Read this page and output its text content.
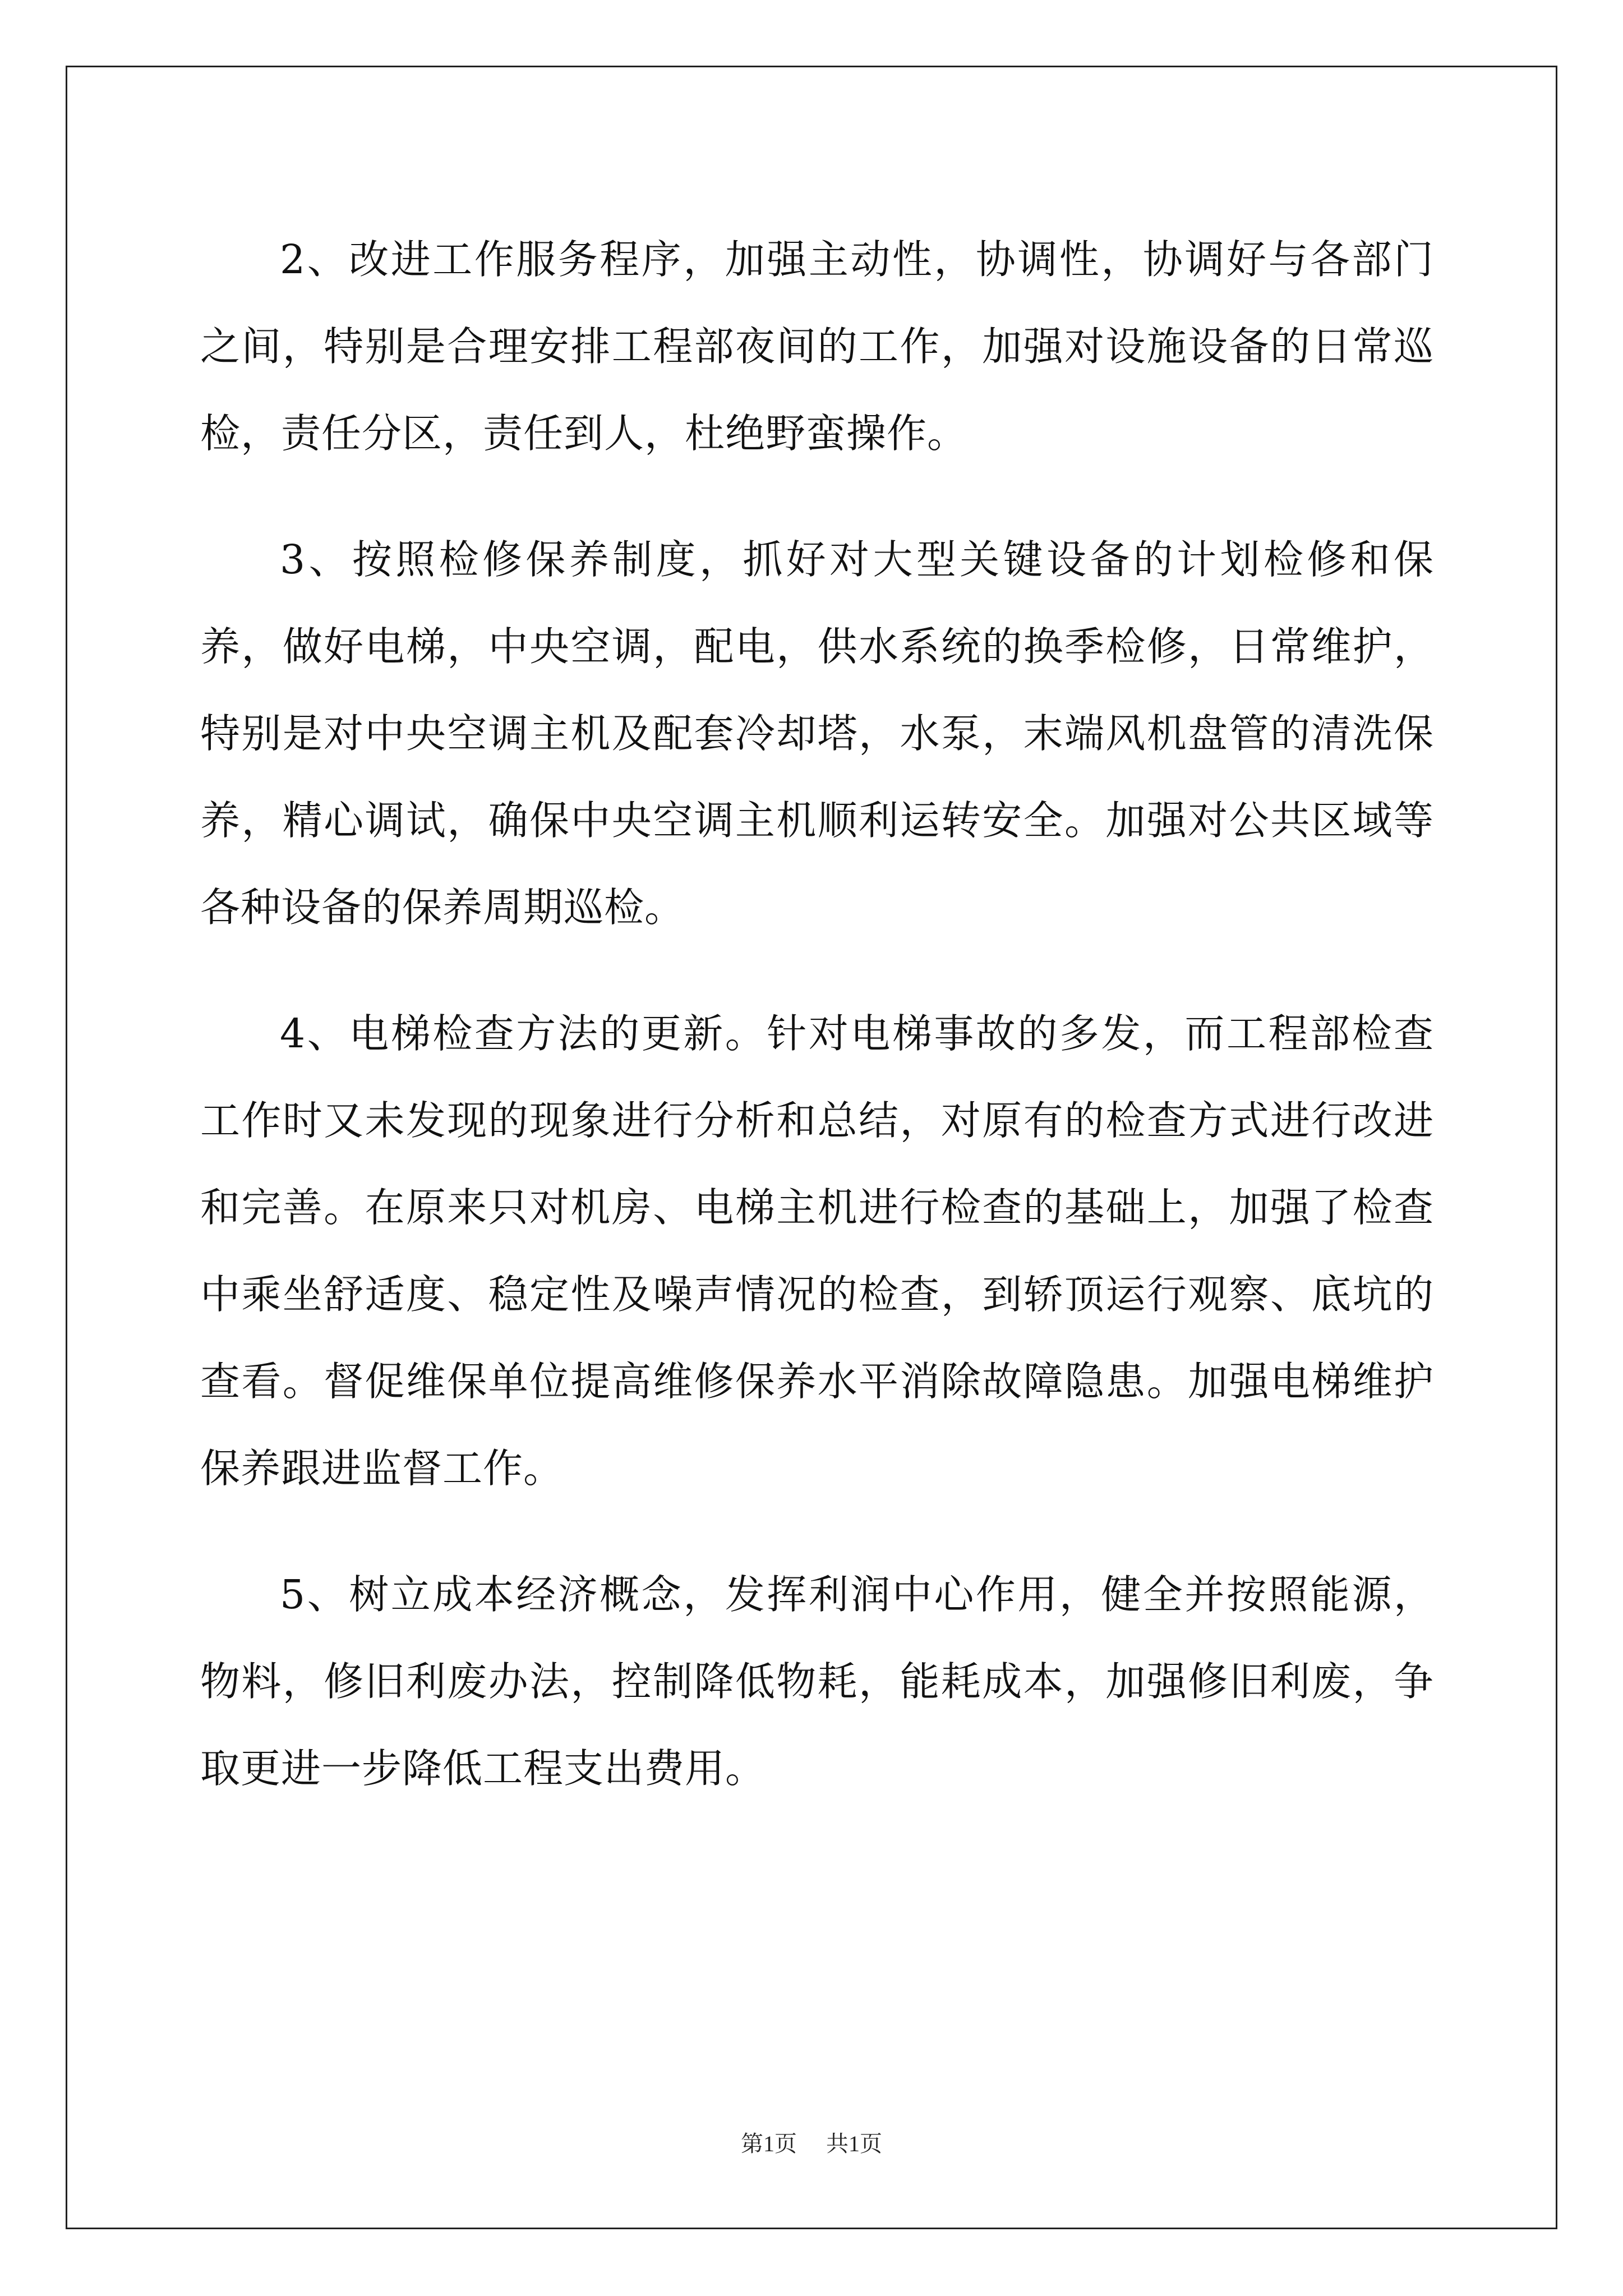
2、改进工作服务程序，加强主动性，协调性，协调好与各部门之间，特别是合理安排工程部夜间的工作，加强对设施设备的日常巡检，责任分区，责任到人，杜绝野蛮操作。

3、按照检修保养制度，抓好对大型关键设备的计划检修和保养，做好电梯，中央空调，配电，供水系统的换季检修，日常维护，特别是对中央空调主机及配套冷却塔，水泵，末端风机盘管的清洗保养，精心调试，确保中央空调主机顺利运转安全。加强对公共区域等各种设备的保养周期巡检。

4、电梯检查方法的更新。针对电梯事故的多发，而工程部检查工作时又未发现的现象进行分析和总结，对原有的检查方式进行改进和完善。在原来只对机房、电梯主机进行检查的基础上，加强了检查中乘坐舒适度、稳定性及噪声情况的检查，到轿顶运行观察、底坑的查看。督促维保单位提高维修保养水平消除故障隐患。加强电梯维护保养跟进监督工作。

5、树立成本经济概念，发挥利润中心作用，健全并按照能源，物料，修旧利废办法，控制降低物耗，能耗成本，加强修旧利废，争取更进一步降低工程支出费用。

第1页 共1页
